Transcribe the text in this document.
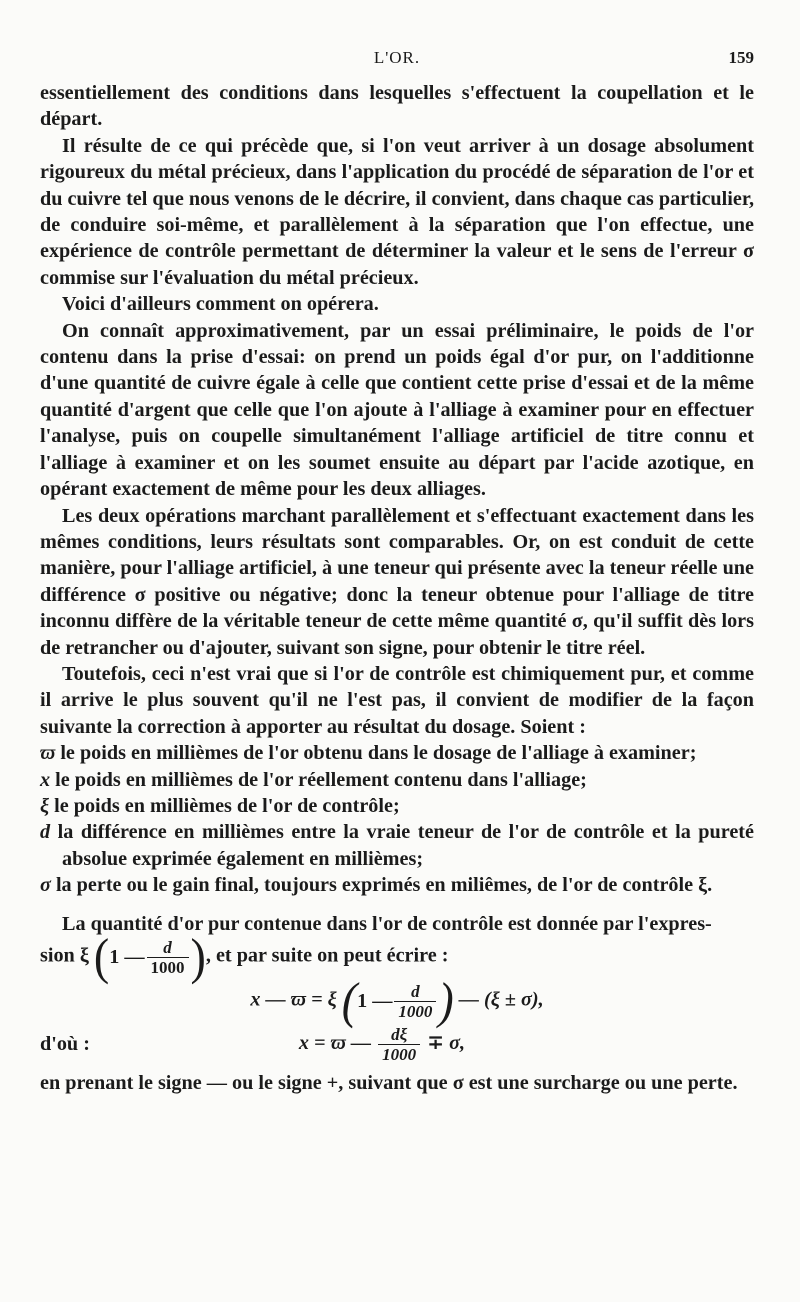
L'OR.	159

essentiellement des conditions dans lesquelles s'effectuent la coupellation et le départ.

Il résulte de ce qui précède que, si l'on veut arriver à un dosage absolument rigoureux du métal précieux, dans l'application du procédé de séparation de l'or et du cuivre tel que nous venons de le décrire, il convient, dans chaque cas particulier, de conduire soi-même, et parallèlement à la séparation que l'on effectue, une expérience de contrôle permettant de déterminer la valeur et le sens de l'erreur σ commise sur l'évaluation du métal précieux.

Voici d'ailleurs comment on opérera.

On connaît approximativement, par un essai préliminaire, le poids de l'or contenu dans la prise d'essai: on prend un poids égal d'or pur, on l'additionne d'une quantité de cuivre égale à celle que contient cette prise d'essai et de la même quantité d'argent que celle que l'on ajoute à l'alliage à examiner pour en effectuer l'analyse, puis on coupelle simultanément l'alliage artificiel de titre connu et l'alliage à examiner et on les soumet ensuite au départ par l'acide azotique, en opérant exactement de même pour les deux alliages.

Les deux opérations marchant parallèlement et s'effectuant exactement dans les mêmes conditions, leurs résultats sont comparables. Or, on est conduit de cette manière, pour l'alliage artificiel, à une teneur qui présente avec la teneur réelle une différence σ positive ou négative; donc la teneur obtenue pour l'alliage de titre inconnu diffère de la véritable teneur de cette même quantité σ, qu'il suffit dès lors de retrancher ou d'ajouter, suivant son signe, pour obtenir le titre réel.

Toutefois, ceci n'est vrai que si l'or de contrôle est chimiquement pur, et comme il arrive le plus souvent qu'il ne l'est pas, il convient de modifier de la façon suivante la correction à apporter au résultat du dosage. Soient :

ϖ le poids en millièmes de l'or obtenu dans le dosage de l'alliage à examiner;

x le poids en millièmes de l'or réellement contenu dans l'alliage;

ξ le poids en millièmes de l'or de contrôle;

d la différence en millièmes entre la vraie teneur de l'or de contrôle et la pureté absolue exprimée également en millièmes;

σ la perte ou le gain final, toujours exprimés en miliêmes, de l'or de contrôle ξ.

La quantité d'or pur contenue dans l'or de contrôle est donnée par l'expres-

sion ξ ( 1 — $\frac{d}{1000}$ ) , et par suite on peut écrire :

x — ϖ = ξ ( 1 — $\frac{d}{1000}$ ) — (ξ ± σ),
d'où :	x = ϖ — $\frac{d\xi}{1000} \mp \sigma$,

en prenant le signe — ou le signe +, suivant que σ est une surcharge ou une perte.
